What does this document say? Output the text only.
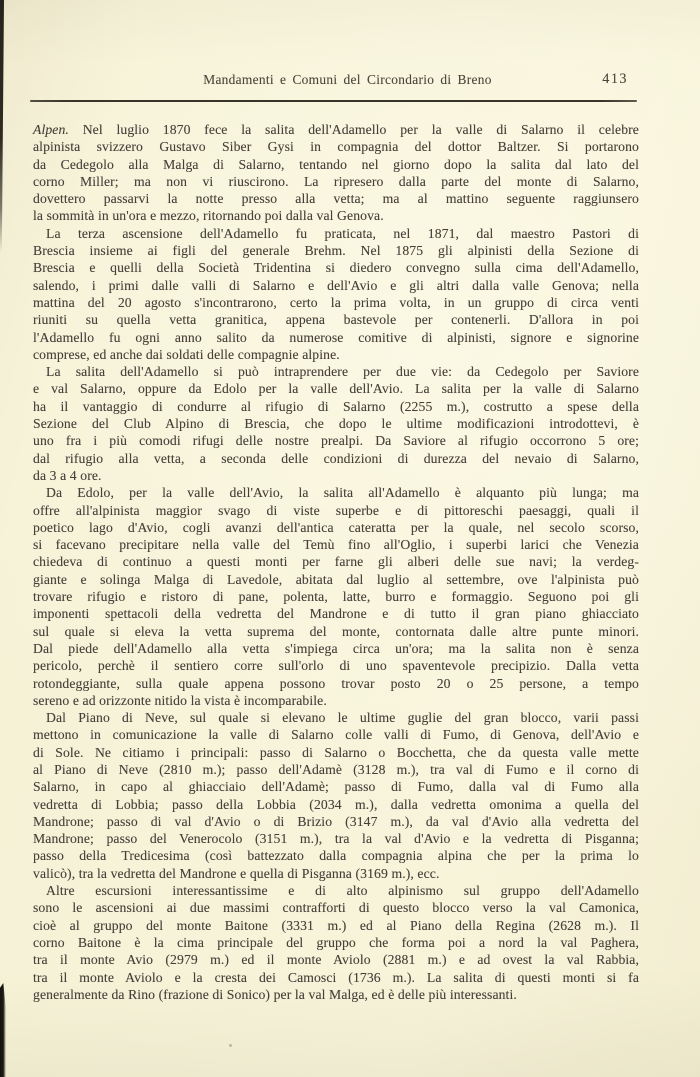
Mandamenti e Comuni del Circondario di Breno	413
Alpen. Nel luglio 1870 fece la salita dell'Adamello per la valle di Salarno il celebre
alpinista svizzero Gustavo Siber Gysi in compagnia del dottor Baltzer. Si portarono
da Cedegolo alla Malga di Salarno, tentando nel giorno dopo la salita dal lato del
corno Miller; ma non vi riuscirono. La ripresero dalla parte del monte di Salarno,
dovettero passarvi la notte presso alla vetta; ma al mattino seguente raggiunsero
la sommità in un'ora e mezzo, ritornando poi dalla val Genova.
La terza ascensione dell'Adamello fu praticata, nel 1871, dal maestro Pastori di
Brescia insieme ai figli del generale Brehm. Nel 1875 gli alpinisti della Sezione di
Brescia e quelli della Società Tridentina si diedero convegno sulla cima dell'Adamello,
salendo, i primi dalle valli di Salarno e dell'Avio e gli altri dalla valle Genova; nella
mattina del 20 agosto s'incontrarono, certo la prima volta, in un gruppo di circa venti
riuniti su quella vetta granitica, appena bastevole per contenerli. D'allora in poi
l'Adamello fu ogni anno salito da numerose comitive di alpinisti, signore e signorine
comprese, ed anche dai soldati delle compagnie alpine.
La salita dell'Adamello si può intraprendere per due vie: da Cedegolo per Saviore
e val Salarno, oppure da Edolo per la valle dell'Avio. La salita per la valle di Salarno
ha il vantaggio di condurre al rifugio di Salarno (2255 m.), costrutto a spese della
Sezione del Club Alpino di Brescia, che dopo le ultime modificazioni introdottevi, è
uno fra i più comodi rifugi delle nostre prealpi. Da Saviore al rifugio occorrono 5 ore;
dal rifugio alla vetta, a seconda delle condizioni di durezza del nevaio di Salarno,
da 3 a 4 ore.
Da Edolo, per la valle dell'Avio, la salita all'Adamello è alquanto più lunga; ma
offre all'alpinista maggior svago di viste superbe e di pittoreschi paesaggi, quali il
poetico lago d'Avio, cogli avanzi dell'antica cateratta per la quale, nel secolo scorso,
si facevano precipitare nella valle del Temù fino all'Oglio, i superbi larici che Venezia
chiedeva di continuo a questi monti per farne gli alberi delle sue navi; la verdeg-
giante e solinga Malga di Lavedole, abitata dal luglio al settembre, ove l'alpinista può
trovare rifugio e ristoro di pane, polenta, latte, burro e formaggio. Seguono poi gli
imponenti spettacoli della vedretta del Mandrone e di tutto il gran piano ghiacciato
sul quale si eleva la vetta suprema del monte, contornata dalle altre punte minori.
Dal piede dell'Adamello alla vetta s'impiega circa un'ora; ma la salita non è senza
pericolo, perchè il sentiero corre sull'orlo di uno spaventevole precipizio. Dalla vetta
rotondeggiante, sulla quale appena possono trovar posto 20 o 25 persone, a tempo
sereno e ad orizzonte nitido la vista è incomparabile.
Dal Piano di Neve, sul quale si elevano le ultime guglie del gran blocco, varii passi
mettono in comunicazione la valle di Salarno colle valli di Fumo, di Genova, dell'Avio e
di Sole. Ne citiamo i principali: passo di Salarno o Bocchetta, che da questa valle mette
al Piano di Neve (2810 m.); passo dell'Adamè (3128 m.), tra val di Fumo e il corno di
Salarno, in capo al ghiacciaio dell'Adamè; passo di Fumo, dalla val di Fumo alla
vedretta di Lobbia; passo della Lobbia (2034 m.), dalla vedretta omonima a quella del
Mandrone; passo di val d'Avio o di Brizio (3147 m.), da val d'Avio alla vedretta del
Mandrone; passo del Venerocolo (3151 m.), tra la val d'Avio e la vedretta di Pisganna;
passo della Tredicesima (così battezzato dalla compagnia alpina che per la prima lo
valicò), tra la vedretta del Mandrone e quella di Pisganna (3169 m.), ecc.
Altre escursioni interessantissime e di alto alpinismo sul gruppo dell'Adamello
sono le ascensioni ai due massimi contrafforti di questo blocco verso la val Camonica,
cioè al gruppo del monte Baitone (3331 m.) ed al Piano della Regina (2628 m.). Il
corno Baitone è la cima principale del gruppo che forma poi a nord la val Paghera,
tra il monte Avio (2979 m.) ed il monte Aviolo (2881 m.) e ad ovest la val Rabbia,
tra il monte Aviolo e la cresta dei Camosci (1736 m.). La salita di questi monti si fa
generalmente da Rino (frazione di Sonico) per la val Malga, ed è delle più interessanti.
